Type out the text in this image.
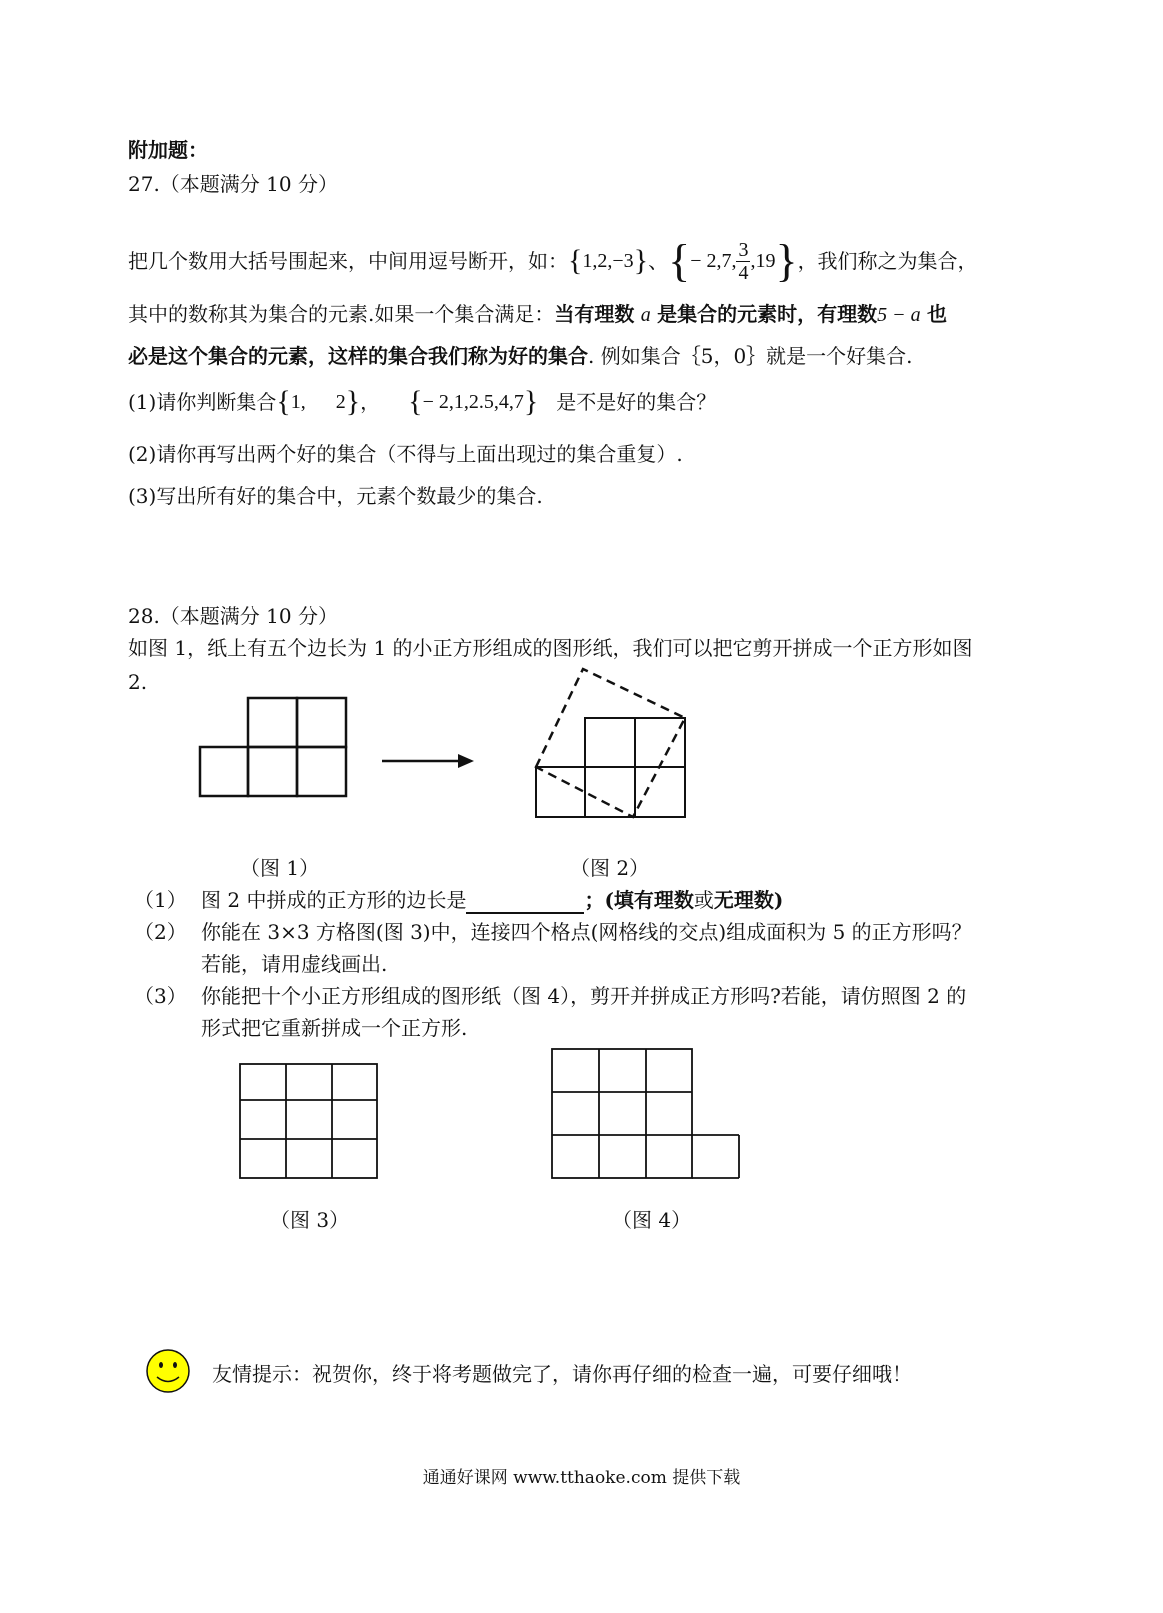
附加题：
27.（本题满分 10 分）
把几个数用大括号围起来，中间用逗号断开，如： { 1,2,−3 } 、 { − 2,7, $\frac{3}{4} ,19$ } ，我们称之为集合，
其中的数称其为集合的元素.如果一个集合满足：当有理数 a 是集合的元素时，有理数5 − a 也
必是这个集合的元素，这样的集合我们称为好的集合. 例如集合｛5，0｝就是一个好集合.
(1)请你判断集合 { 1,      2 } ， { − 2,1,2.5,4,7 } 是不是好的集合？
(2)请你再写出两个好的集合（不得与上面出现过的集合重复）.
(3)写出所有好的集合中，元素个数最少的集合.
28.（本题满分 10 分）
如图 1，纸上有五个边长为 1 的小正方形组成的图形纸，我们可以把它剪开拼成一个正方形如图
2.
（图 1）	（图 2）
（1） 图 2 中拼成的正方形的边长是	；(填有理数或无理数)
（2） 你能在 3×3 方格图(图 3)中，连接四个格点(网格线的交点)组成面积为 5 的正方形吗？
若能，请用虚线画出.
（3） 你能把十个小正方形组成的图形纸（图 4），剪开并拼成正方形吗?若能，请仿照图 2 的
形式把它重新拼成一个正方形.
（图 3）	（图 4）
友情提示：祝贺你，终于将考题做完了，请你再仔细的检查一遍，可要仔细哦！
通通好课网 www.tthaoke.com 提供下载
